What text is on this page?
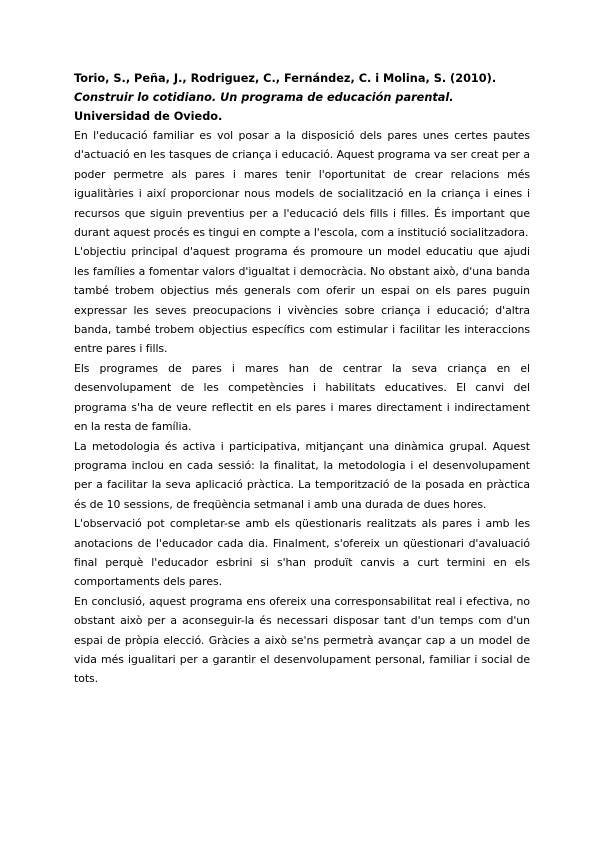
Torio, S., Peña, J., Rodriguez, C., Fernández, C. i Molina, S. (2010).

Construir lo cotidiano. Un programa de educación parental. Universidad de Oviedo.

En l'educació familiar es vol posar a la disposició dels pares unes certes pautes d'actuació en les tasques de criança i educació. Aquest programa va ser creat per a poder permetre als pares i mares tenir l'oportunitat de crear relacions més igualitàries i així proporcionar nous models de socialització en la criança i eines i recursos que siguin preventius per a l'educació dels fills i filles. És important que durant aquest procés es tingui en compte a l'escola, com a institució socialitzadora.

L'objectiu principal d'aquest programa és promoure un model educatiu que ajudi les famílies a fomentar valors d'igualtat i democràcia. No obstant això, d'una banda també trobem objectius més generals com oferir un espai on els pares puguin expressar les seves preocupacions i vivències sobre criança i educació; d'altra banda, també trobem objectius específics com estimular i facilitar les interaccions entre pares i fills.

Els programes de pares i mares han de centrar la seva criança en el desenvolupament de les competències i habilitats educatives. El canvi del programa s'ha de veure reflectit en els pares i mares directament i indirectament en la resta de família.

La metodologia és activa i participativa, mitjançant una dinàmica grupal. Aquest programa inclou en cada sessió: la finalitat, la metodologia i el desenvolupament per a facilitar la seva aplicació pràctica. La temporització de la posada en pràctica és de 10 sessions, de freqüència setmanal i amb una durada de dues hores.

L'observació pot completar-se amb els qüestionaris realitzats als pares i amb les anotacions de l'educador cada dia. Finalment, s'ofereix un qüestionari d'avaluació final perquè l'educador esbrini si s'han produït canvis a curt termini en els comportaments dels pares.

En conclusió, aquest programa ens ofereix una corresponsabilitat real i efectiva, no obstant això per a aconseguir-la és necessari disposar tant d'un temps com d'un espai de pròpia elecció. Gràcies a això se'ns permetrà avançar cap a un model de vida més igualitari per a garantir el desenvolupament personal, familiar i social de tots.
